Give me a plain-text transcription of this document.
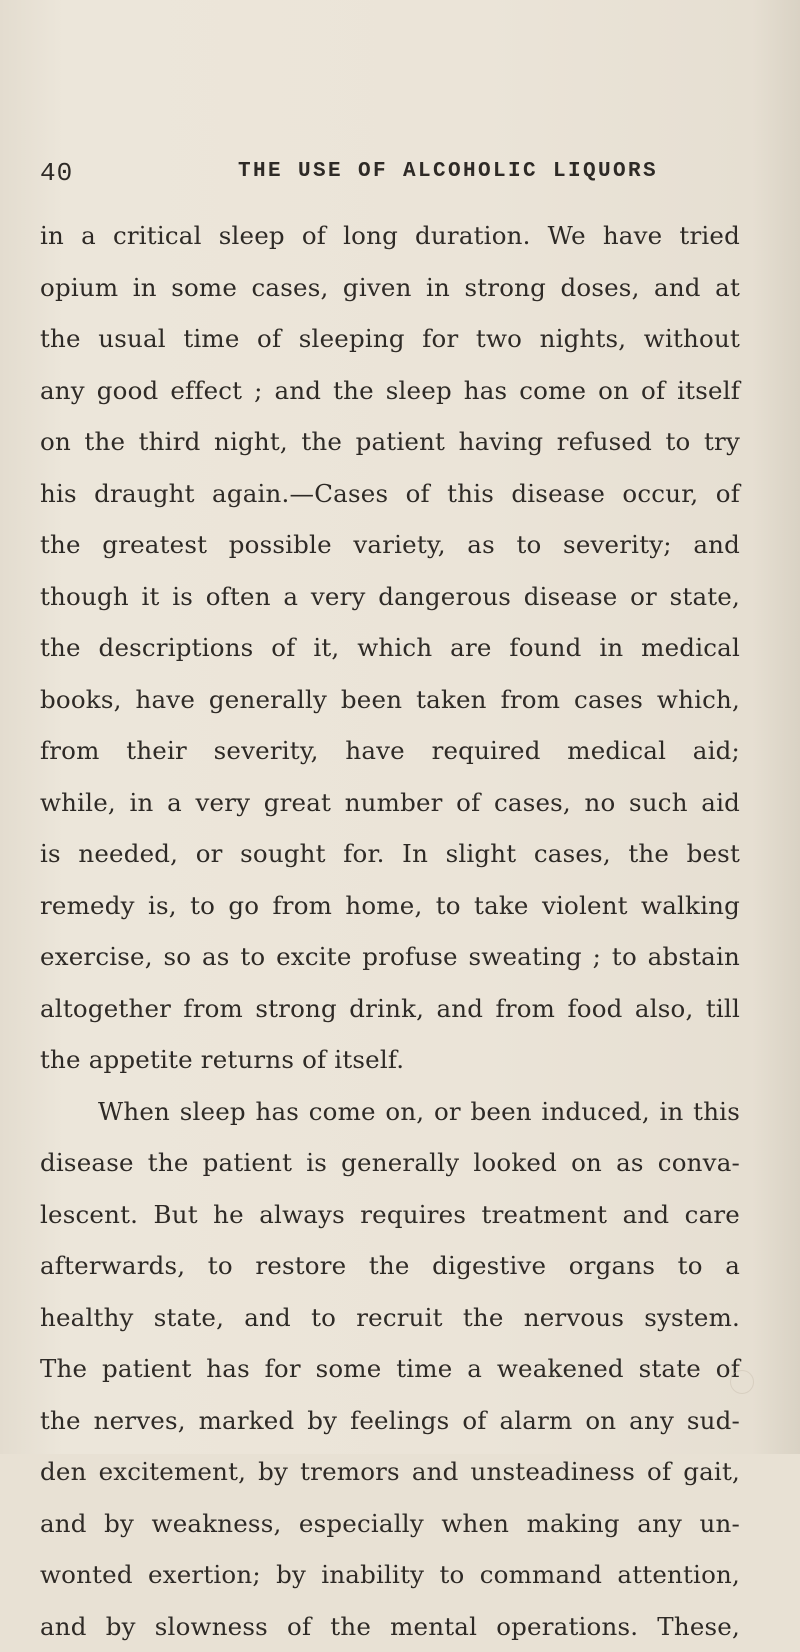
40	THE USE OF ALCOHOLIC LIQUORS
in a critical sleep of long duration. We have tried
opium in some cases, given in strong doses, and at
the usual time of sleeping for two nights, without
any good effect ; and the sleep has come on of itself
on the third night, the patient having refused to try
his draught again.—Cases of this disease occur, of
the greatest possible variety, as to severity; and
though it is often a very dangerous disease or state,
the descriptions of it, which are found in medical
books, have generally been taken from cases which,
from their severity, have required medical aid;
while, in a very great number of cases, no such aid
is needed, or sought for. In slight cases, the best
remedy is, to go from home, to take violent walking
exercise, so as to excite profuse sweating ; to abstain
altogether from strong drink, and from food also, till
the appetite returns of itself.
When sleep has come on, or been induced, in this
disease the patient is generally looked on as conva-
lescent. But he always requires treatment and care
afterwards, to restore the digestive organs to a
healthy state, and to recruit the nervous system.
The patient has for some time a weakened state of
the nerves, marked by feelings of alarm on any sud-
den excitement, by tremors and unsteadiness of gait,
and by weakness, especially when making any un-
wonted exertion; by inability to command attention,
and by slowness of the mental operations. These,
